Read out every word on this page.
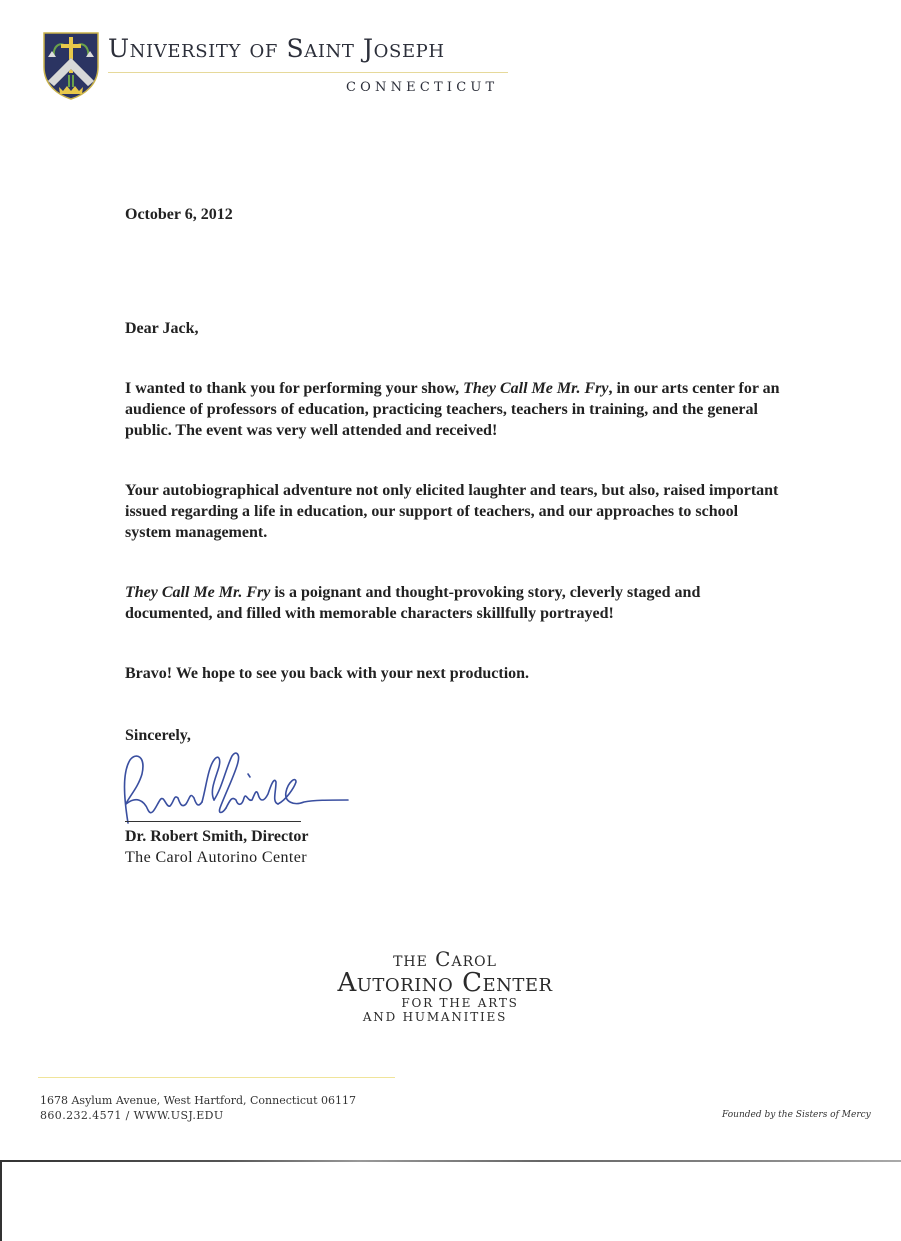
University of Saint Joseph
CONNECTICUT
October 6, 2012
Dear Jack,
I wanted to thank you for performing your show, They Call Me Mr. Fry, in our arts center for an audience of professors of education, practicing teachers, teachers in training, and the general public. The event was very well attended and received!
Your autobiographical adventure not only elicited laughter and tears, but also, raised important issued regarding a life in education, our support of teachers, and our approaches to school system management.
They Call Me Mr. Fry is a poignant and thought-provoking story, cleverly staged and documented, and filled with memorable characters skillfully portrayed!
Bravo! We hope to see you back with your next production.
Sincerely,
Dr. Robert Smith, Director
The Carol Autorino Center
the Carol
Autorino Center
FOR THE ARTS
AND HUMANITIES
1678 Asylum Avenue, West Hartford, Connecticut 06117
860.232.4571 / WWW.USJ.EDU	Founded by the Sisters of Mercy
